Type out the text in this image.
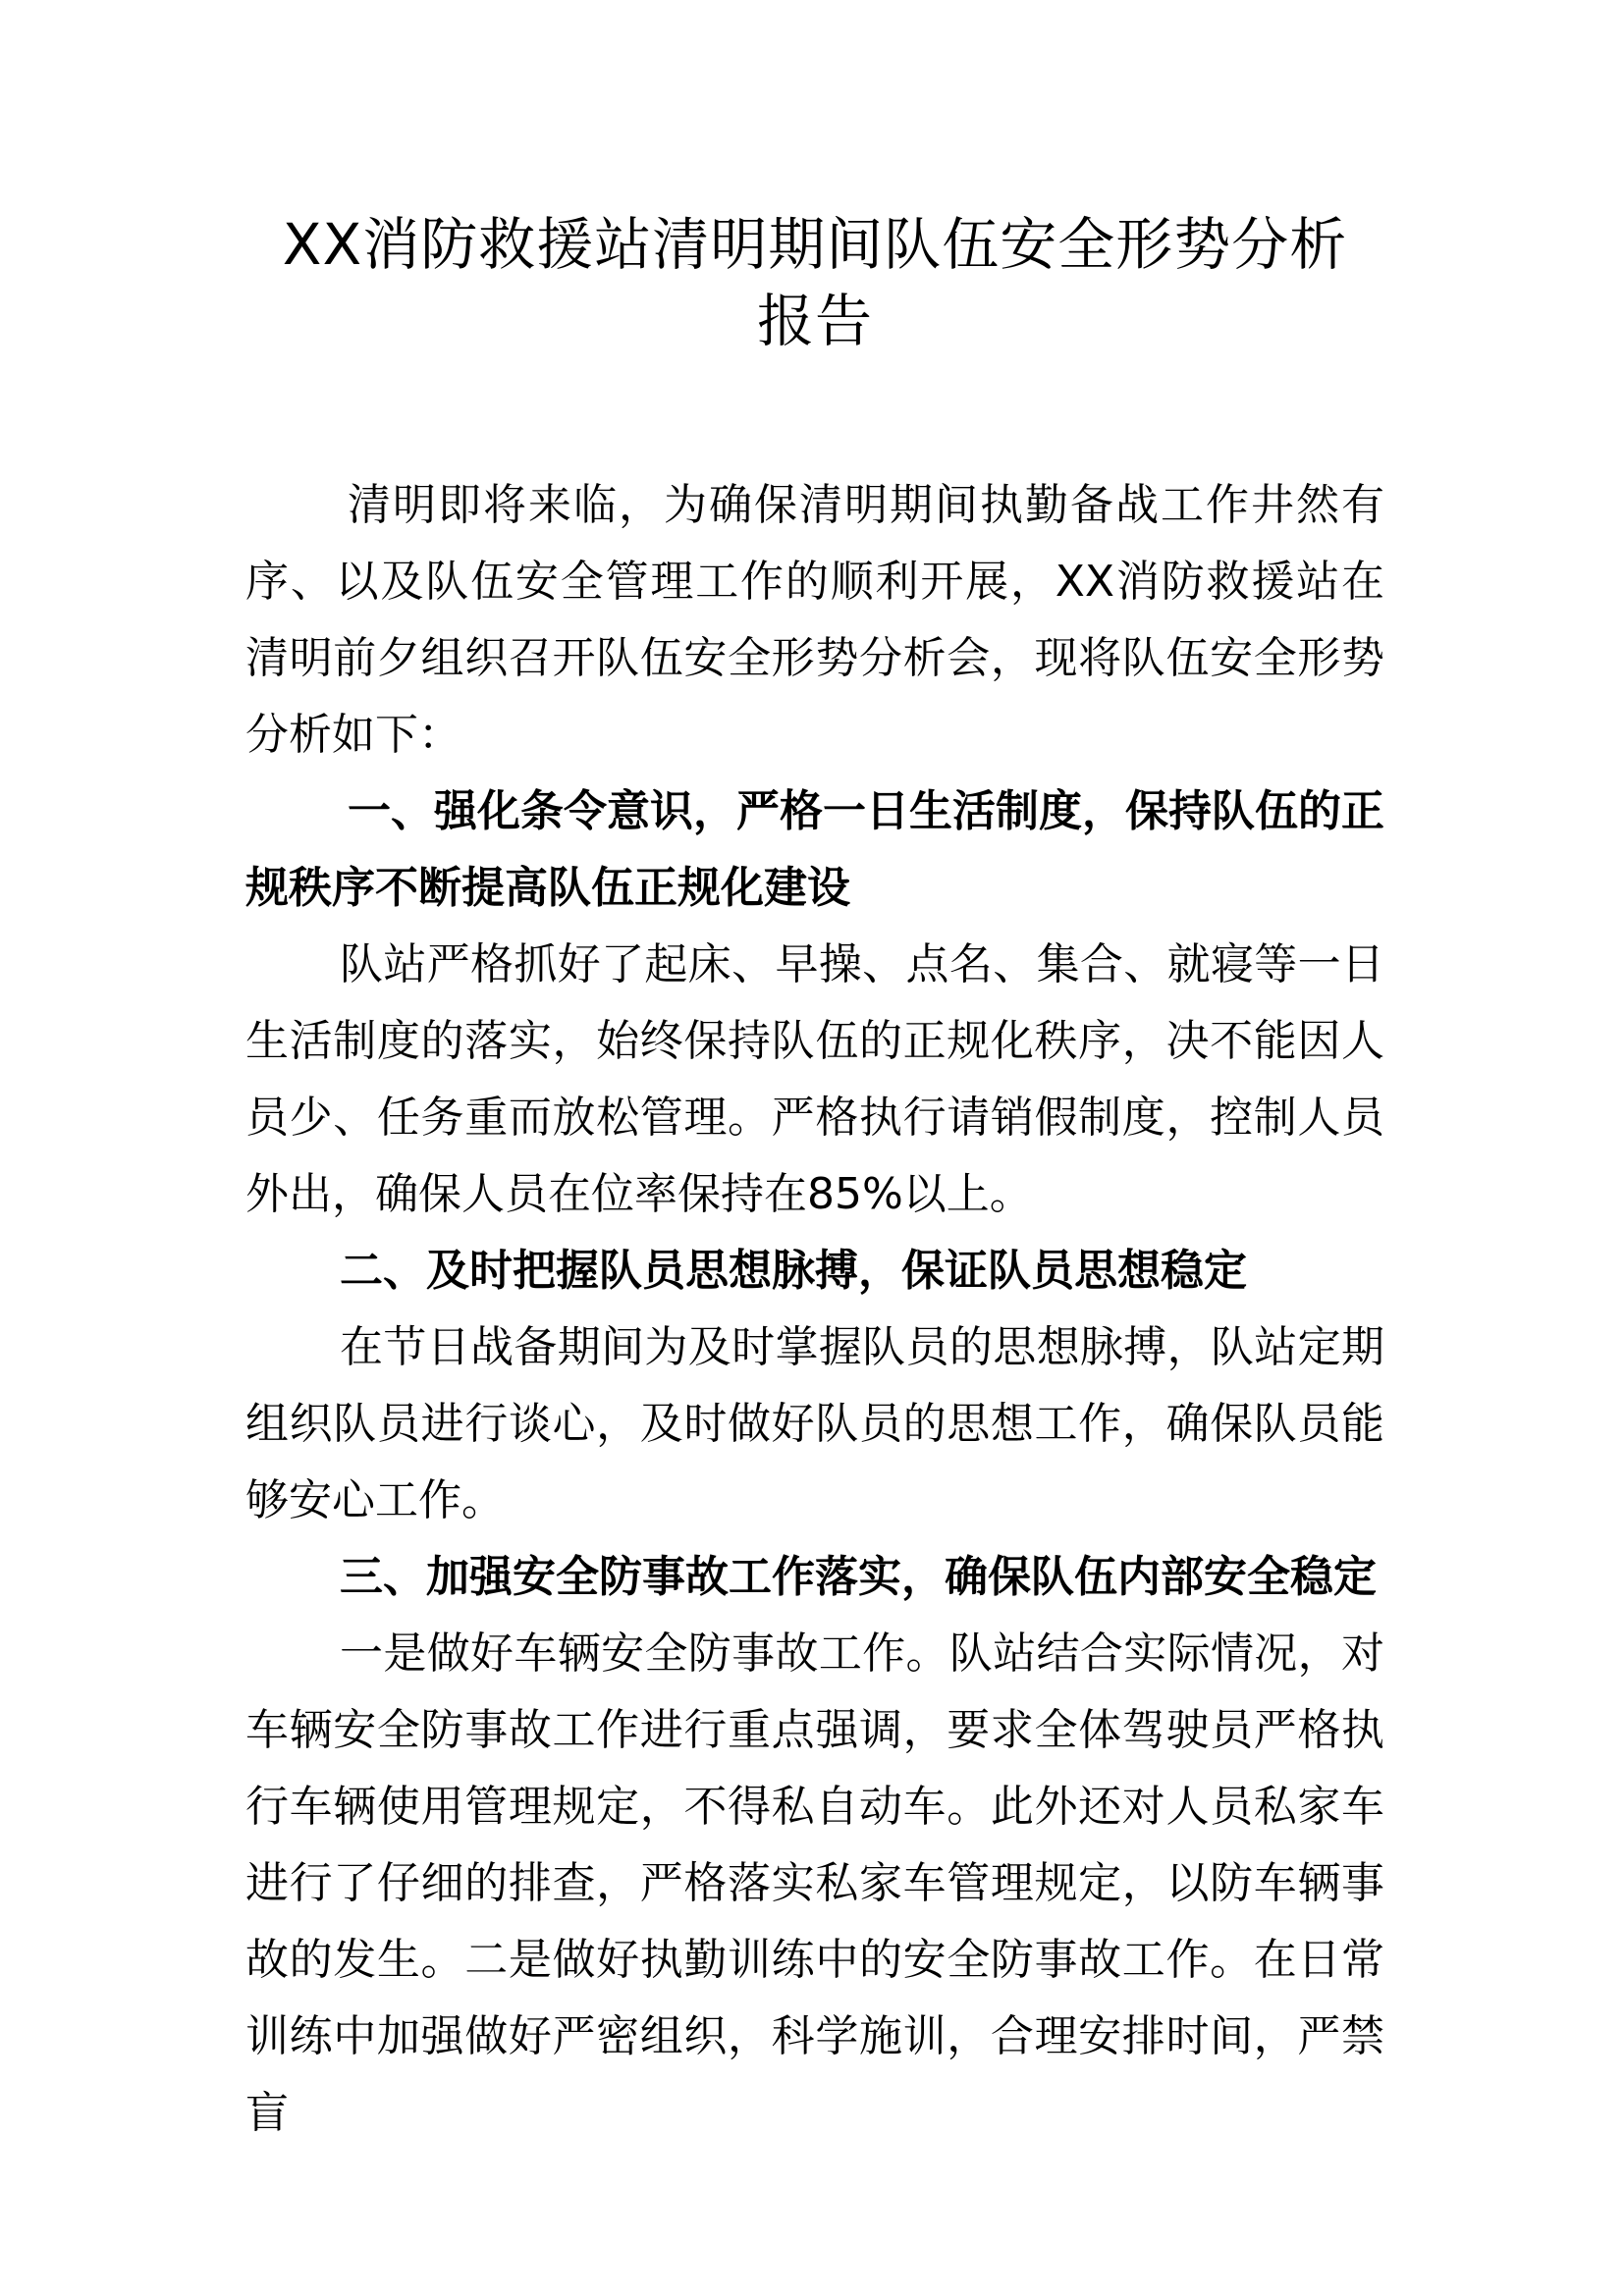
XX消防救援站清明期间队伍安全形势分析
报告

清明即将来临，为确保清明期间执勤备战工作井然有序、以及队伍安全管理工作的顺利开展，XX消防救援站在清明前夕组织召开队伍安全形势分析会，现将队伍安全形势分析如下：

一、强化条令意识，严格一日生活制度，保持队伍的正规秩序不断提高队伍正规化建设

队站严格抓好了起床、早操、点名、集合、就寝等一日生活制度的落实，始终保持队伍的正规化秩序，决不能因人员少、任务重而放松管理。严格执行请销假制度，控制人员外出，确保人员在位率保持在85%以上。

二、及时把握队员思想脉搏，保证队员思想稳定

在节日战备期间为及时掌握队员的思想脉搏，队站定期组织队员进行谈心，及时做好队员的思想工作，确保队员能够安心工作。

三、加强安全防事故工作落实，确保队伍内部安全稳定

一是做好车辆安全防事故工作。队站结合实际情况，对车辆安全防事故工作进行重点强调，要求全体驾驶员严格执行车辆使用管理规定，不得私自动车。此外还对人员私家车进行了仔细的排查，严格落实私家车管理规定，以防车辆事故的发生。二是做好执勤训练中的安全防事故工作。在日常训练中加强做好严密组织，科学施训，合理安排时间，严禁盲
